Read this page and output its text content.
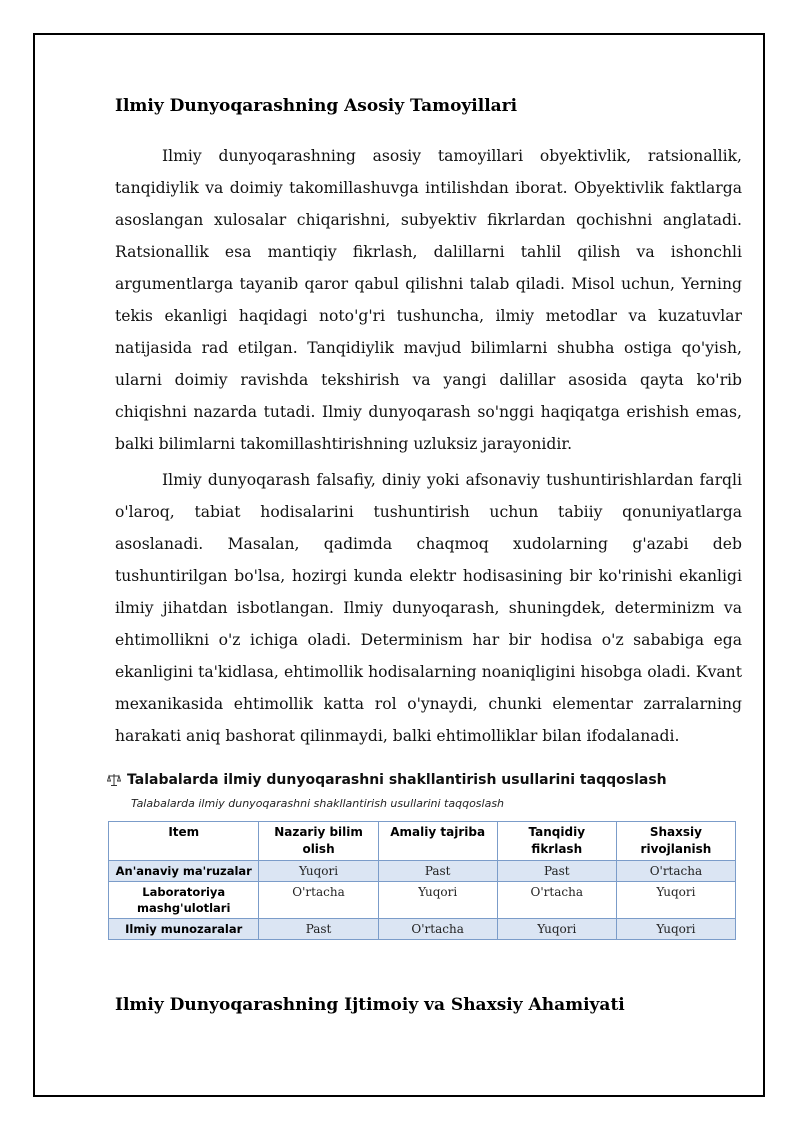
Ilmiy Dunyoqarashning Asosiy Tamoyillari

Ilmiy dunyoqarashning asosiy tamoyillari obyektivlik, ratsionallik, tanqidiylik va doimiy takomillashuvga intilishdan iborat. Obyektivlik faktlarga asoslangan xulosalar chiqarishni, subyektiv fikrlardan qochishni anglatadi. Ratsionallik esa mantiqiy fikrlash, dalillarni tahlil qilish va ishonchli argumentlarga tayanib qaror qabul qilishni talab qiladi. Misol uchun, Yerning tekis ekanligi haqidagi noto'g'ri tushuncha, ilmiy metodlar va kuzatuvlar natijasida rad etilgan. Tanqidiylik mavjud bilimlarni shubha ostiga qo'yish, ularni doimiy ravishda tekshirish va yangi dalillar asosida qayta ko'rib chiqishni nazarda tutadi. Ilmiy dunyoqarash so'nggi haqiqatga erishish emas, balki bilimlarni takomillashtirishning uzluksiz jarayonidir.

Ilmiy dunyoqarash falsafiy, diniy yoki afsonaviy tushuntirishlardan farqli o'laroq, tabiat hodisalarini tushuntirish uchun tabiiy qonuniyatlarga asoslanadi. Masalan, qadimda chaqmoq xudolarning g'azabi deb tushuntirilgan bo'lsa, hozirgi kunda elektr hodisasining bir ko'rinishi ekanligi ilmiy jihatdan isbotlangan. Ilmiy dunyoqarash, shuningdek, determinizm va ehtimollikni o'z ichiga oladi. Determinism har bir hodisa o'z sababiga ega ekanligini ta'kidlasa, ehtimollik hodisalarning noaniqligini hisobga oladi. Kvant mexanikasida ehtimollik katta rol o'ynaydi, chunki elementar zarralarning harakati aniq bashorat qilinmaydi, balki ehtimolliklar bilan ifodalanadi.

Talabalarda ilmiy dunyoqarashni shakllantirish usullarini taqqoslash
Talabalarda ilmiy dunyoqarashni shakllantirish usullarini taqqoslash
Item	Nazariy bilim olish	Amaliy tajriba	Tanqidiy fikrlash	Shaxsiy rivojlanish
An'anaviy ma'ruzalar	Yuqori	Past	Past	O'rtacha
Laboratoriya mashg'ulotlari	O'rtacha	Yuqori	O'rtacha	Yuqori
Ilmiy munozaralar	Past	O'rtacha	Yuqori	Yuqori
Ilmiy Dunyoqarashning Ijtimoiy va Shaxsiy Ahamiyati
